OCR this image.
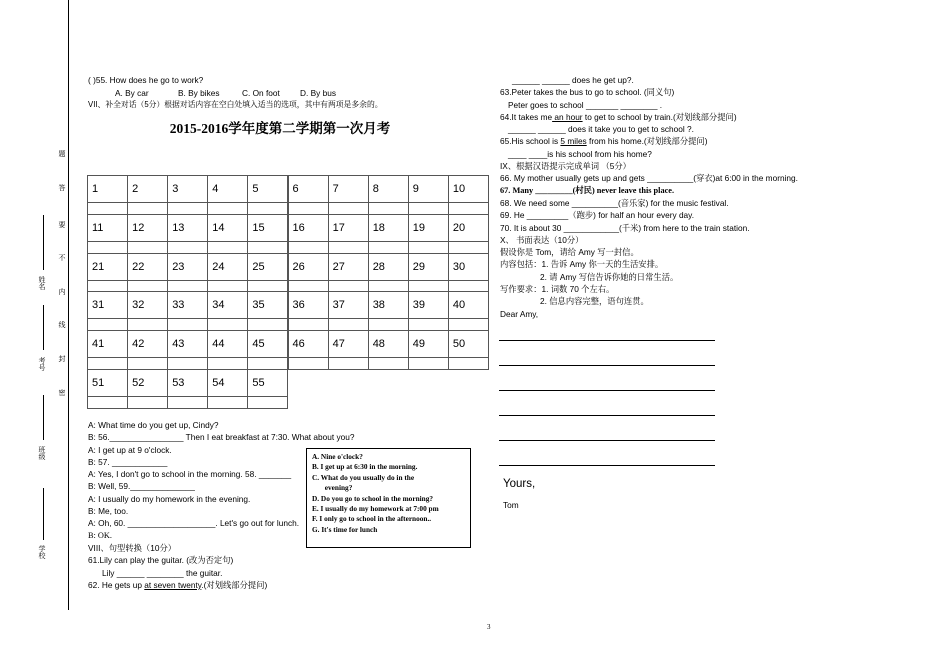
题
答
要
不
内
线
封
密
姓名
考号
班级
学校
( )55. How does he go to work?
A. By car	B. By bikes	C. On foot D. By bus
VII、补全对话（5分）根据对话内容在空白处填入适当的选项，其中有两项是多余的。
2015-2016学年度第二学期第一次月考
1	2	3	4	5	6	7	8	9	10
11	12	13	14	15	16	17	18	19	20
21	22	23	24	25	26	27	28	29	30
31	32	33	34	35	36	37	38	39	40
41	42	43	44	45	46	47	48	49	50
51	52	53	54	55
A: What time do you get up, Cindy?
B: 56.________________ Then I eat breakfast at 7:30. What about you?
A: I get up at 9 o'clock.
B: 57. ____________
A: Yes, I don't go to school in the morning. 58. _______
B: Well, 59.______________
A: I usually do my homework in the evening.
B: Me, too.
A: Oh, 60. ___________________. Let's go out for lunch.
B: OK.
VIII、句型转换（10分）
61.Lily can play the guitar. (改为否定句)
Lily ______ ________ the guitar.
62. He gets up at seven twenty.(对划线部分提问)
A. Nine o'clock?
B. I get up at 6:30 in the morning.
C. What do you usually do in the
evening?
D. Do you go to school in the morning?
E. I usually do my homework at 7:00 pm
F. I only go to school in the afternoon..
G. It's time for lunch
______ ______ does he get up?.
63.Peter takes the bus to go to school. (同义句)
Peter goes to school _______ ________ .
64.It takes me an hour to get to school by train.(对划线部分提问)
______ ______ does it take you to get to school ?.
65.His school is 5 miles from his home.(对划线部分提问)
____ ____is his school from his home?
IX、根据汉语提示完成单词 （5分）
66. My mother usually gets up and gets __________(穿衣)at 6:00 in the morning.
67. Many _________(村民) never leave this place.
68. We need some __________(音乐家) for the music festival.
69. He _________（跑步) for half an hour every day.
70. It is about 30 ____________(千米) from here to the train station.
X、 书面表达（10分）
假设你是 Tom，请给 Amy 写一封信。
内容包括：1. 告诉 Amy 你一天的生活安排。
2. 请 Amy 写信告诉你她的日常生活。
写作要求：1. 词数 70 个左右。
2. 信息内容完整，语句连贯。
Dear Amy,
Yours,
Tom
3
